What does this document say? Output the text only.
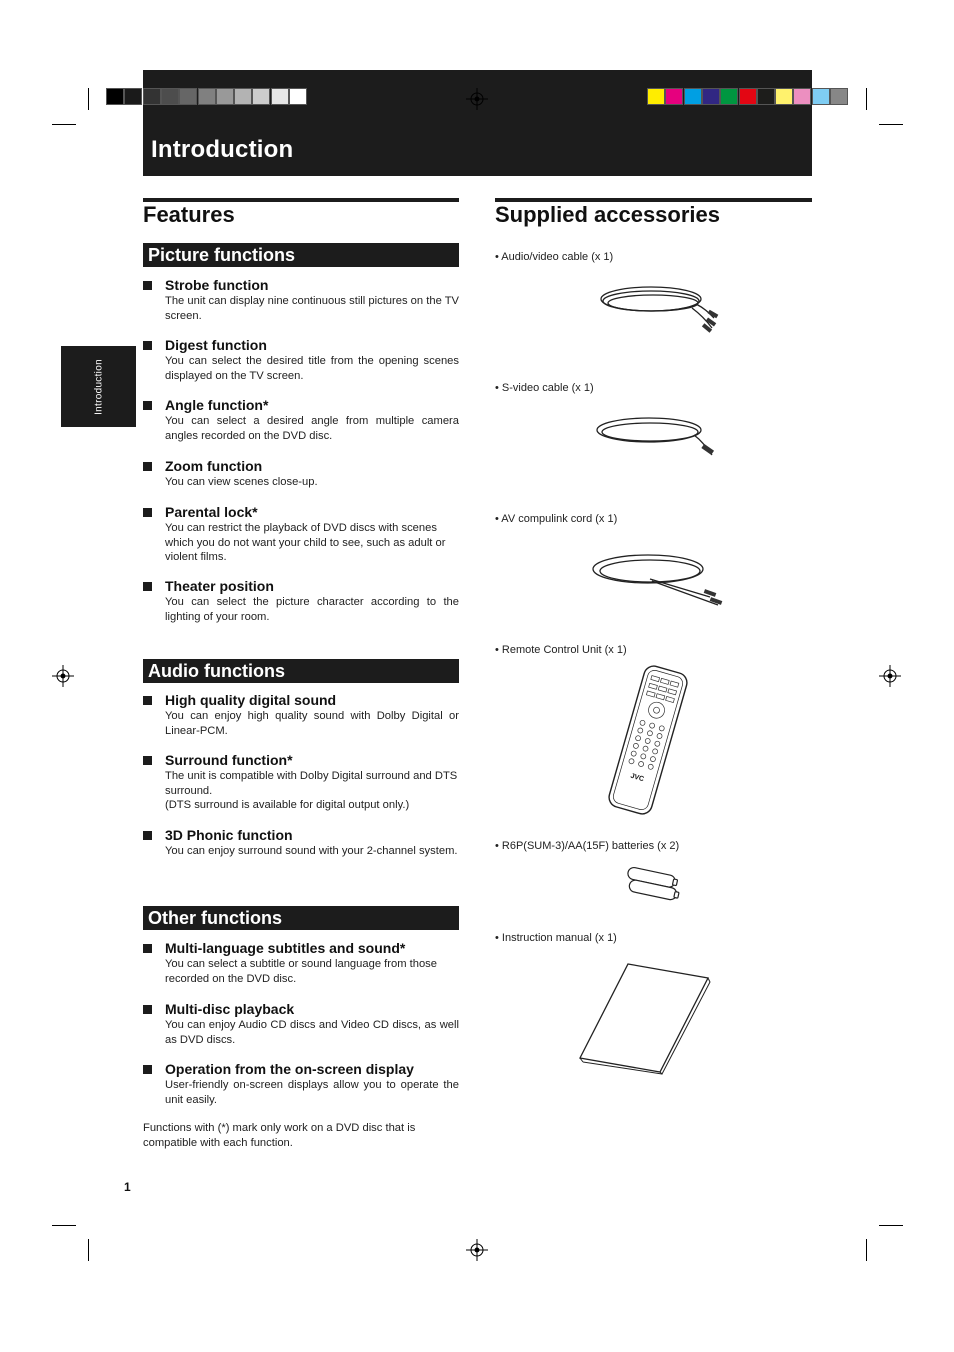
Introduction
Introduction
Features
Picture functions
Strobe function
The unit can display nine continuous still pictures on the TV screen.
Digest function
You can select the desired title from the opening scenes displayed on the TV screen.
Angle function*
You can select a desired angle from multiple camera angles recorded on the DVD disc.
Zoom function
You can view scenes close-up.
Parental lock*
You can restrict the playback of DVD discs with scenes which you do not want your child to see, such as adult or violent films.
Theater position
You can select the picture character according to the lighting of your room.
Audio functions
High quality digital sound
You can enjoy high quality sound with Dolby Digital or Linear-PCM.
Surround function*
The unit is compatible with Dolby Digital surround and DTS surround.
(DTS surround is available for digital output only.)
3D Phonic function
You can enjoy surround sound with your 2-channel system.
Other functions
Multi-language subtitles and sound*
You can select a subtitle or sound language from those recorded on the DVD disc.
Multi-disc playback
You can enjoy Audio CD discs and Video CD discs, as well as DVD discs.
Operation from the on-screen display
User-friendly on-screen displays allow you to operate the unit easily.
Functions with (*) mark only work on a DVD disc that is compatible with each function.
1
Supplied accessories
• Audio/video cable (x 1)
• S-video cable (x 1)
• AV compulink cord (x 1)
• Remote Control Unit (x 1)
JVC
• R6P(SUM-3)/AA(15F) batteries (x 2)
• Instruction manual (x 1)
